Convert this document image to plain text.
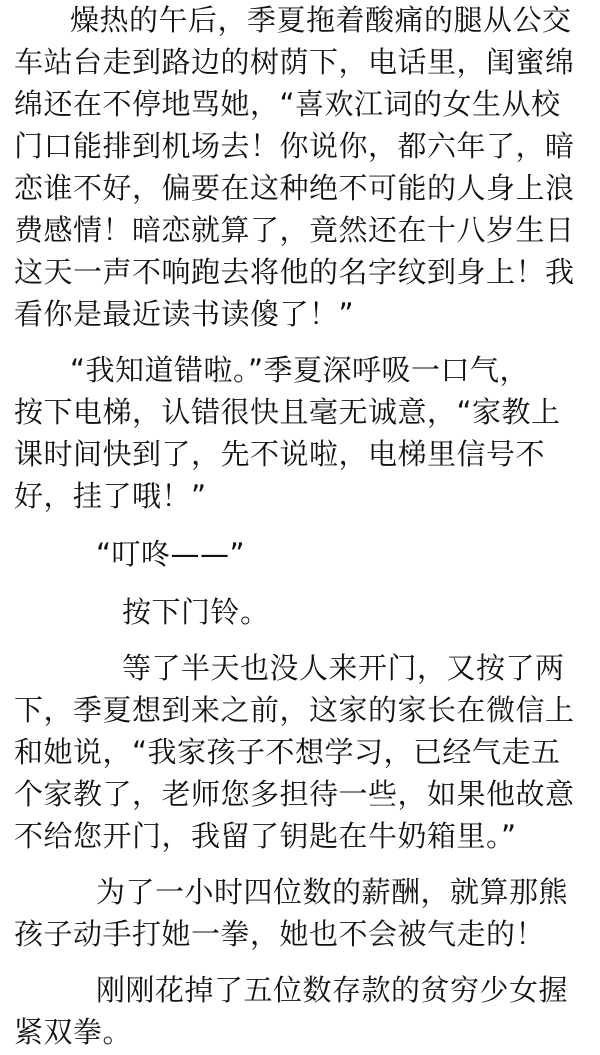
燥热的午后，季夏拖着酸痛的腿从公交
车站台走到路边的树荫下，电话里，闺蜜绵
绵还在不停地骂她，“喜欢江词的女生从校
门口能排到机场去！你说你，都六年了，暗
恋谁不好，偏要在这种绝不可能的人身上浪
费感情！暗恋就算了，竟然还在十八岁生日
这天一声不响跑去将他的名字纹到身上！我
看你是最近读书读傻了！”
“我知道错啦。”季夏深呼吸一口气，
按下电梯，认错很快且毫无诚意，“家教上
课时间快到了，先不说啦，电梯里信号不
好，挂了哦！”
“叮咚——”
按下门铃。
等了半天也没人来开门，又按了两
下，季夏想到来之前，这家的家长在微信上
和她说，“我家孩子不想学习，已经气走五
个家教了，老师您多担待一些，如果他故意
不给您开门，我留了钥匙在牛奶箱里。”
为了一小时四位数的薪酬，就算那熊
孩子动手打她一拳，她也不会被气走的！
刚刚花掉了五位数存款的贫穷少女握
紧双拳。
